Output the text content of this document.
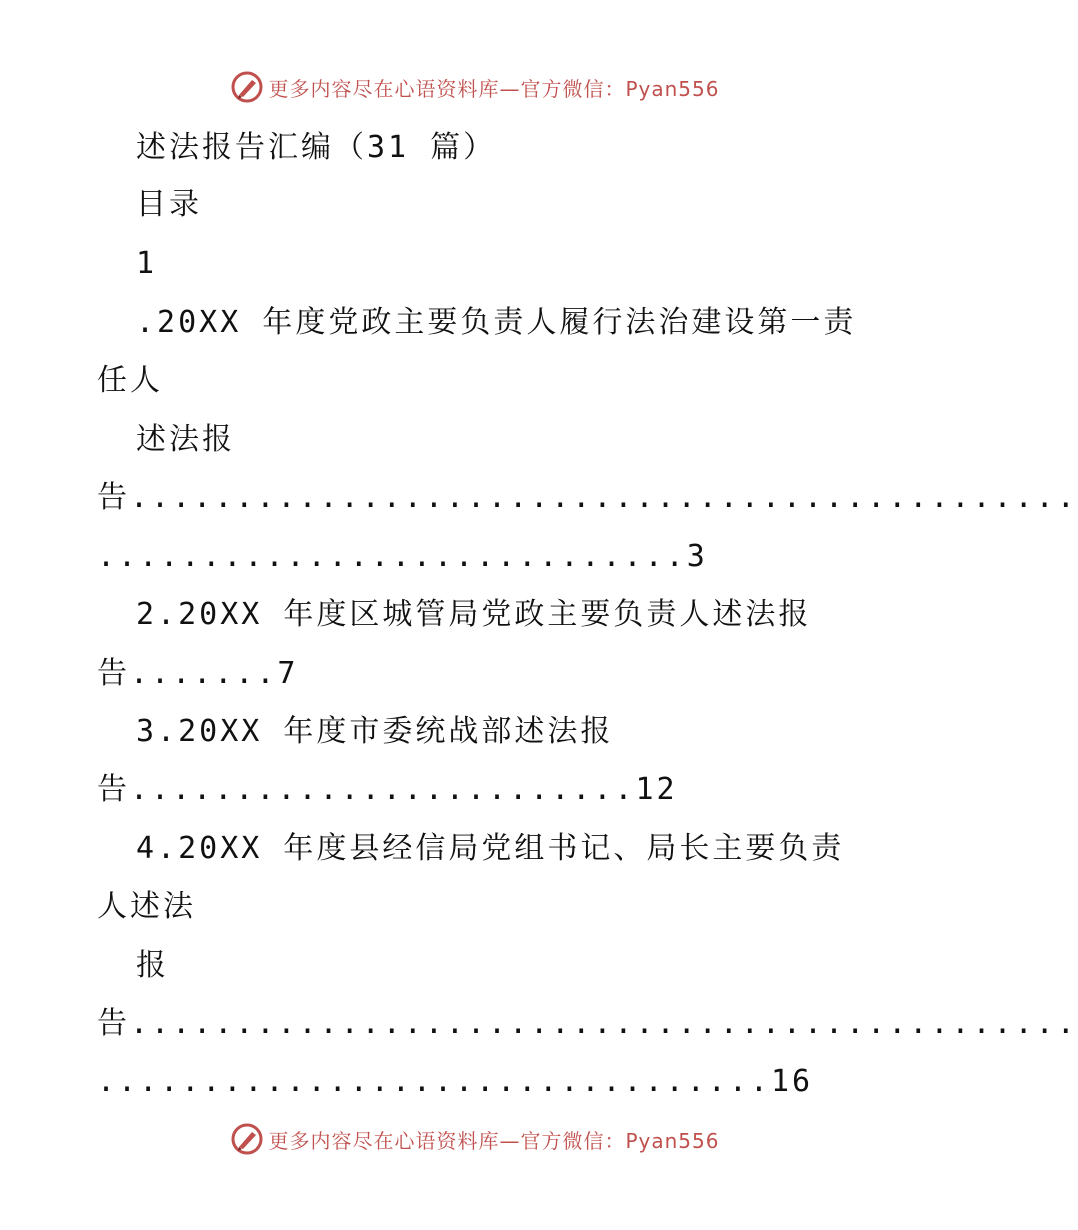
更多内容尽在心语资料库—官方微信：Pyan556
述法报告汇编（31 篇）
目录
1
.20XX 年度党政主要负责人履行法治建设第一责
任人
述法报
告.............................................
............................3
2.20XX 年度区城管局党政主要负责人述法报
告.......7
3.20XX 年度市委统战部述法报
告........................12
4.20XX 年度县经信局党组书记、局长主要负责
人述法
报
告.............................................
................................16
更多内容尽在心语资料库—官方微信：Pyan556
